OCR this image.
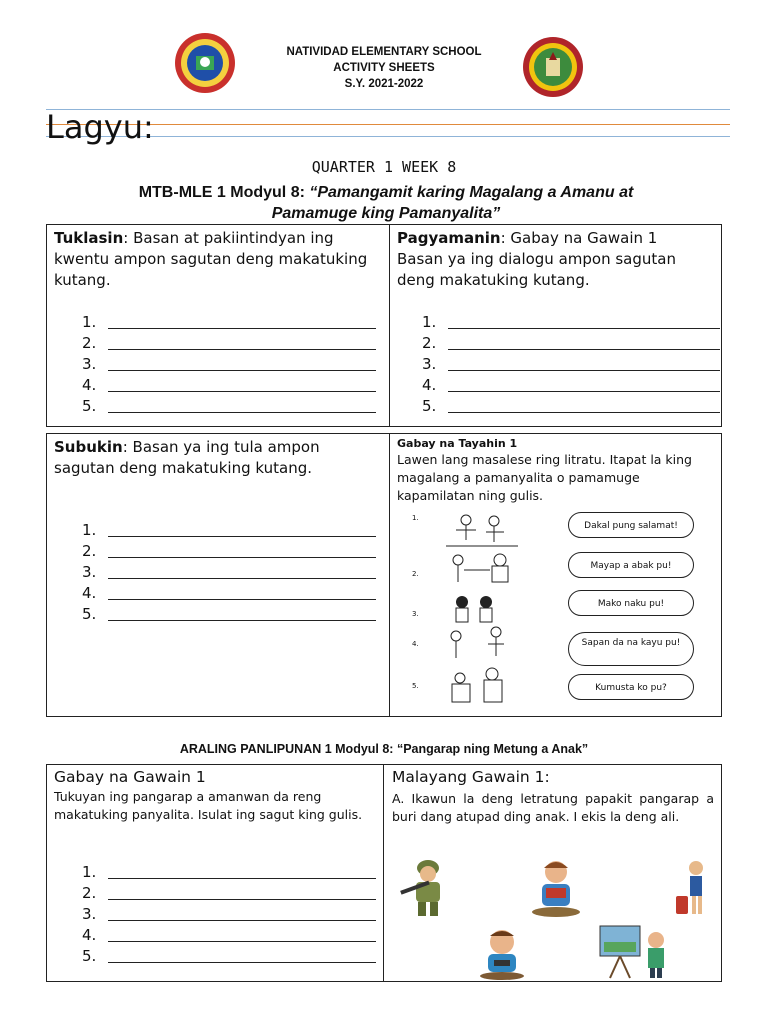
NATIVIDAD ELEMENTARY SCHOOL
ACTIVITY SHEETS
S.Y. 2021-2022
Lagyu:
QUARTER 1 WEEK 8
MTB-MLE 1 Modyul 8: “Pamangamit karing Magalang a Amanu at
Pamamuge king Pamanyalita”
Tuklasin: Basan at pakiintindyan ing kwentu ampon sagutan deng makatuking kutang.
1.
2.
3.
4.
5.
Pagyamanin: Gabay na Gawain 1
Basan ya ing dialogu ampon sagutan deng makatuking kutang.
1.
2.
3.
4.
5.
Subukin: Basan ya ing tula ampon sagutan deng makatuking kutang.
1.
2.
3.
4.
5.
Gabay na Tayahin 1
Lawen lang masalese ring litratu. Itapat la king magalang a pamanyalita o pamamuge kapamilatan ning gulis.
1.
2.
3.
4.
5.
Dakal pung salamat!
Mayap a abak pu!
Mako naku pu!
Sapan da na kayu pu!
Kumusta ko pu?
ARALING PANLIPUNAN 1 Modyul 8: “Pangarap ning Metung a Anak”
Gabay na Gawain 1
Tukuyan ing pangarap a amanwan da reng makatuking panyalita. Isulat ing sagut king gulis.
1.
2.
3.
4.
5.
Malayang Gawain 1:
A. Ikawun la deng letratung papakit pangarap a buri dang atupad ding anak. I ekis la deng ali.
